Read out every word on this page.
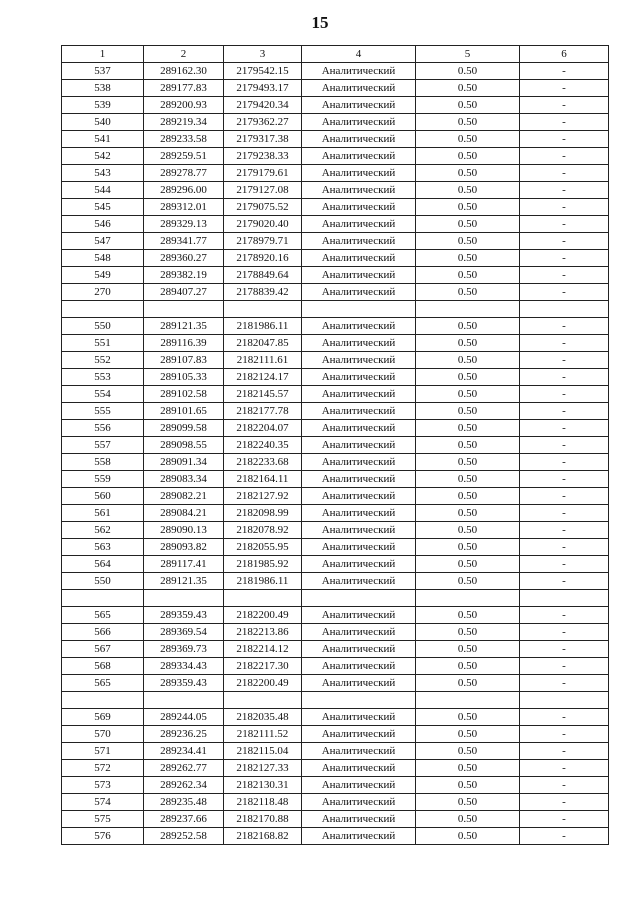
15
1	2	3	4	5	6
537	289162.30	2179542.15	Аналитический	0.50	-
538	289177.83	2179493.17	Аналитический	0.50	-
539	289200.93	2179420.34	Аналитический	0.50	-
540	289219.34	2179362.27	Аналитический	0.50	-
541	289233.58	2179317.38	Аналитический	0.50	-
542	289259.51	2179238.33	Аналитический	0.50	-
543	289278.77	2179179.61	Аналитический	0.50	-
544	289296.00	2179127.08	Аналитический	0.50	-
545	289312.01	2179075.52	Аналитический	0.50	-
546	289329.13	2179020.40	Аналитический	0.50	-
547	289341.77	2178979.71	Аналитический	0.50	-
548	289360.27	2178920.16	Аналитический	0.50	-
549	289382.19	2178849.64	Аналитический	0.50	-
270	289407.27	2178839.42	Аналитический	0.50	-

550	289121.35	2181986.11	Аналитический	0.50	-
551	289116.39	2182047.85	Аналитический	0.50	-
552	289107.83	2182111.61	Аналитический	0.50	-
553	289105.33	2182124.17	Аналитический	0.50	-
554	289102.58	2182145.57	Аналитический	0.50	-
555	289101.65	2182177.78	Аналитический	0.50	-
556	289099.58	2182204.07	Аналитический	0.50	-
557	289098.55	2182240.35	Аналитический	0.50	-
558	289091.34	2182233.68	Аналитический	0.50	-
559	289083.34	2182164.11	Аналитический	0.50	-
560	289082.21	2182127.92	Аналитический	0.50	-
561	289084.21	2182098.99	Аналитический	0.50	-
562	289090.13	2182078.92	Аналитический	0.50	-
563	289093.82	2182055.95	Аналитический	0.50	-
564	289117.41	2181985.92	Аналитический	0.50	-
550	289121.35	2181986.11	Аналитический	0.50	-

565	289359.43	2182200.49	Аналитический	0.50	-
566	289369.54	2182213.86	Аналитический	0.50	-
567	289369.73	2182214.12	Аналитический	0.50	-
568	289334.43	2182217.30	Аналитический	0.50	-
565	289359.43	2182200.49	Аналитический	0.50	-

569	289244.05	2182035.48	Аналитический	0.50	-
570	289236.25	2182111.52	Аналитический	0.50	-
571	289234.41	2182115.04	Аналитический	0.50	-
572	289262.77	2182127.33	Аналитический	0.50	-
573	289262.34	2182130.31	Аналитический	0.50	-
574	289235.48	2182118.48	Аналитический	0.50	-
575	289237.66	2182170.88	Аналитический	0.50	-
576	289252.58	2182168.82	Аналитический	0.50	-
